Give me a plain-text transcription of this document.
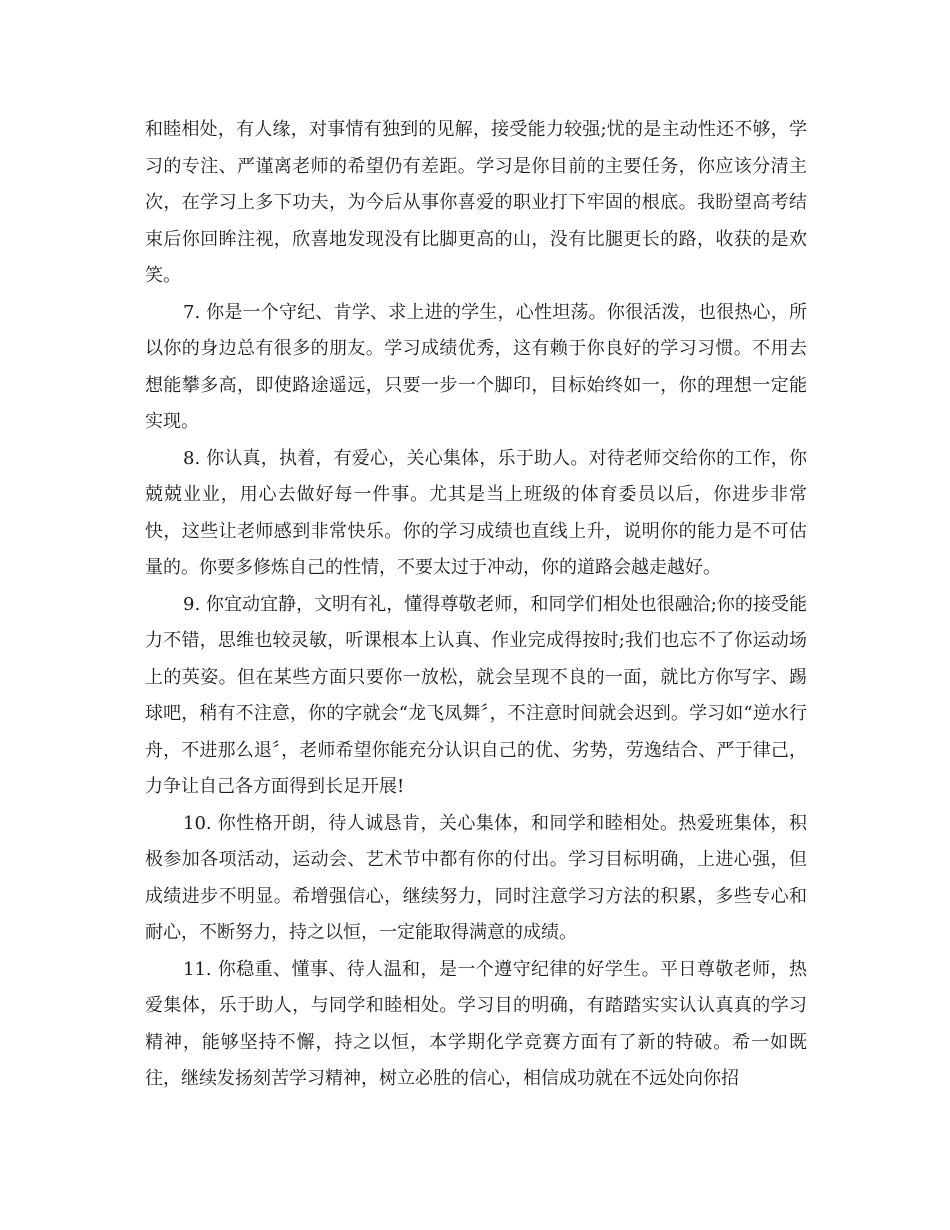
和睦相处，有人缘，对事情有独到的见解，接受能力较强;忧的是主动性还不够，学习的专注、严谨离老师的希望仍有差距。学习是你目前的主要任务，你应该分清主次，在学习上多下功夫，为今后从事你喜爱的职业打下牢固的根底。我盼望高考结束后你回眸注视，欣喜地发现没有比脚更高的山，没有比腿更长的路，收获的是欢笑。

7. 你是一个守纪、肯学、求上进的学生，心性坦荡。你很活泼，也很热心，所以你的身边总有很多的朋友。学习成绩优秀，这有赖于你良好的学习习惯。不用去想能攀多高，即使路途遥远，只要一步一个脚印，目标始终如一，你的理想一定能实现。

8. 你认真，执着，有爱心，关心集体，乐于助人。对待老师交给你的工作，你兢兢业业，用心去做好每一件事。尤其是当上班级的体育委员以后，你进步非常快，这些让老师感到非常快乐。你的学习成绩也直线上升，说明你的能力是不可估量的。你要多修炼自己的性情，不要太过于冲动，你的道路会越走越好。

9. 你宜动宜静，文明有礼，懂得尊敬老师，和同学们相处也很融洽;你的接受能力不错，思维也较灵敏，听课根本上认真、作业完成得按时;我们也忘不了你运动场上的英姿。但在某些方面只要你一放松，就会呈现不良的一面，就比方你写字、踢球吧，稍有不注意，你的字就会“龙飞凤舞〞，不注意时间就会迟到。学习如“逆水行舟，不进那么退〞，老师希望你能充分认识自己的优、劣势，劳逸结合、严于律己，力争让自己各方面得到长足开展!

10. 你性格开朗，待人诚恳肯，关心集体，和同学和睦相处。热爱班集体，积极参加各项活动，运动会、艺术节中都有你的付出。学习目标明确，上进心强，但成绩进步不明显。希增强信心，继续努力，同时注意学习方法的积累，多些专心和耐心，不断努力，持之以恒，一定能取得满意的成绩。

11. 你稳重、懂事、待人温和，是一个遵守纪律的好学生。平日尊敬老师，热爱集体，乐于助人，与同学和睦相处。学习目的明确，有踏踏实实认认真真的学习精神，能够坚持不懈，持之以恒，本学期化学竞赛方面有了新的特破。希一如既往，继续发扬刻苦学习精神，树立必胜的信心，相信成功就在不远处向你招
